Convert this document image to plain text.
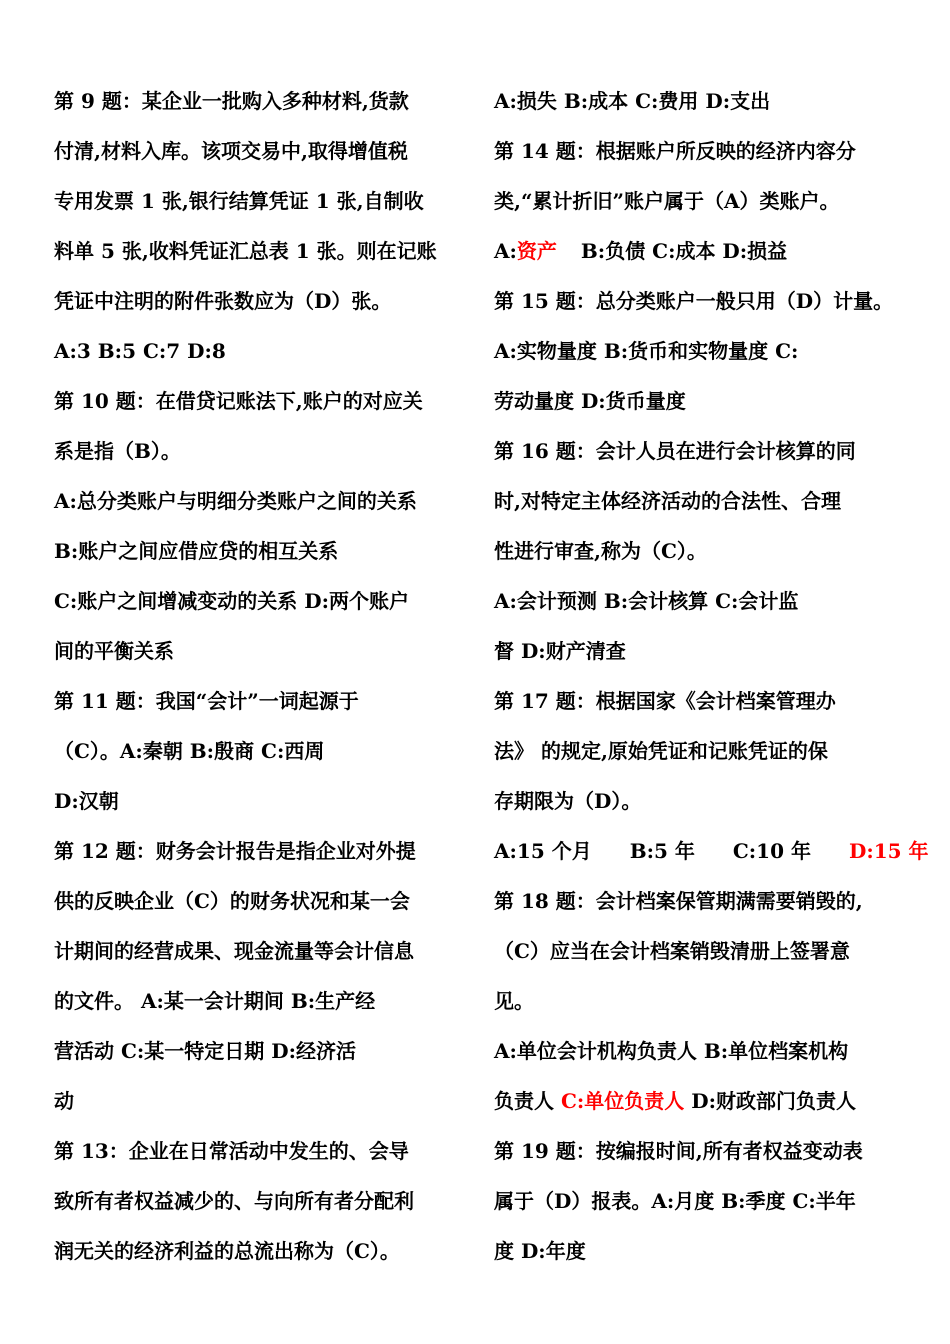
第 9 题：某企业一批购入多种材料,货款
付清,材料入库。该项交易中,取得增值税
专用发票 1 张,银行结算凭证 1 张,自制收
料单 5 张,收料凭证汇总表 1 张。则在记账
凭证中注明的附件张数应为（D）张。
A:3 B:5 C:7 D:8
第 10 题：在借贷记账法下,账户的对应关
系是指（B）。
A:总分类账户与明细分类账户之间的关系
B:账户之间应借应贷的相互关系
C:账户之间增减变动的关系 D:两个账户
间的平衡关系
第 11 题：我国“会计”一词起源于
（C）。A:秦朝 B:殷商 C:西周
D:汉朝
第 12 题：财务会计报告是指企业对外提
供的反映企业（C）的财务状况和某一会
计期间的经营成果、现金流量等会计信息
的文件。 A:某一会计期间 B:生产经
营活动 C:某一特定日期 D:经济活
动
第 13：企业在日常活动中发生的、会导
致所有者权益减少的、与向所有者分配利
润无关的经济利益的总流出称为（C）。
A:损失 B:成本 C:费用 D:支出
第 14 题：根据账户所反映的经济内容分
类,“累计折旧”账户属于（A）类账户。
A:资产 B:负债 C:成本 D:损益
第 15 题：总分类账户一般只用（D）计量。
A:实物量度 B:货币和实物量度 C:
劳动量度 D:货币量度
第 16 题：会计人员在进行会计核算的同
时,对特定主体经济活动的合法性、合理
性进行审查,称为（C）。
A:会计预测 B:会计核算 C:会计监
督 D:财产清查
第 17 题：根据国家《会计档案管理办
法》 的规定,原始凭证和记账凭证的保
存期限为（D）。
A:15 个月 B:5 年 C:10 年 D:15 年
第 18 题：会计档案保管期满需要销毁的,
（C）应当在会计档案销毁清册上签署意
见。
A:单位会计机构负责人 B:单位档案机构
负责人 C:单位负责人 D:财政部门负责人
第 19 题：按编报时间,所有者权益变动表
属于（D）报表。A:月度 B:季度 C:半年
度 D:年度
